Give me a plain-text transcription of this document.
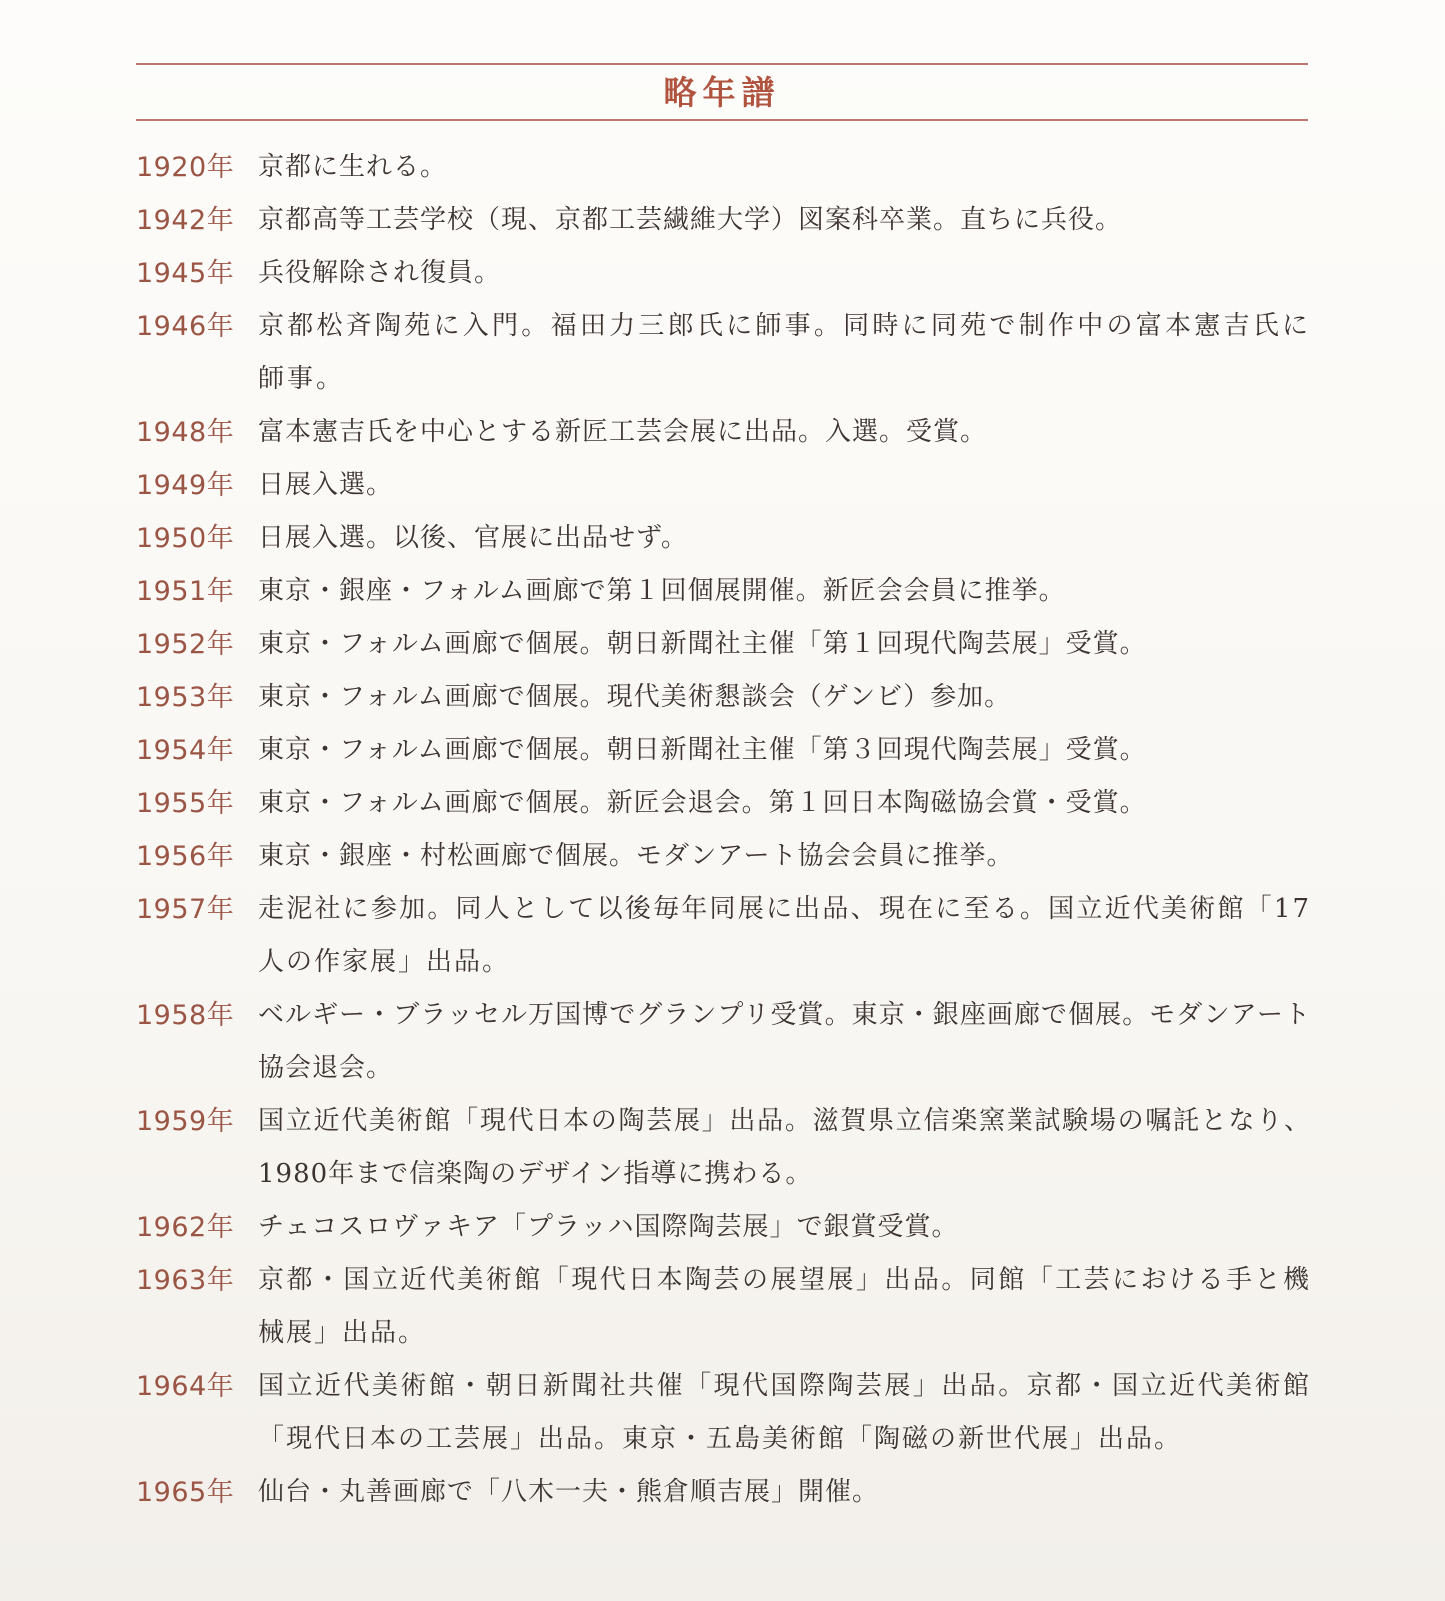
略年譜
1920年 京都に生れる。
1942年 京都高等工芸学校（現、京都工芸繊維大学）図案科卒業。直ちに兵役。
1945年 兵役解除され復員。
1946年 京都松斉陶苑に入門。福田力三郎氏に師事。同時に同苑で制作中の富本憲吉氏に師事。
1948年 富本憲吉氏を中心とする新匠工芸会展に出品。入選。受賞。
1949年 日展入選。
1950年 日展入選。以後、官展に出品せず。
1951年 東京・銀座・フォルム画廊で第１回個展開催。新匠会会員に推挙。
1952年 東京・フォルム画廊で個展。朝日新聞社主催「第１回現代陶芸展」受賞。
1953年 東京・フォルム画廊で個展。現代美術懇談会（ゲンビ）参加。
1954年 東京・フォルム画廊で個展。朝日新聞社主催「第３回現代陶芸展」受賞。
1955年 東京・フォルム画廊で個展。新匠会退会。第１回日本陶磁協会賞・受賞。
1956年 東京・銀座・村松画廊で個展。モダンアート協会会員に推挙。
1957年 走泥社に参加。同人として以後毎年同展に出品、現在に至る。国立近代美術館「17人の作家展」出品。
1958年 ベルギー・ブラッセル万国博でグランプリ受賞。東京・銀座画廊で個展。モダンアート協会退会。
1959年 国立近代美術館「現代日本の陶芸展」出品。滋賀県立信楽窯業試験場の嘱託となり、1980年まで信楽陶のデザイン指導に携わる。
1962年 チェコスロヴァキア「プラッハ国際陶芸展」で銀賞受賞。
1963年 京都・国立近代美術館「現代日本陶芸の展望展」出品。同館「工芸における手と機械展」出品。
1964年 国立近代美術館・朝日新聞社共催「現代国際陶芸展」出品。京都・国立近代美術館「現代日本の工芸展」出品。東京・五島美術館「陶磁の新世代展」出品。
1965年 仙台・丸善画廊で「八木一夫・熊倉順吉展」開催。
